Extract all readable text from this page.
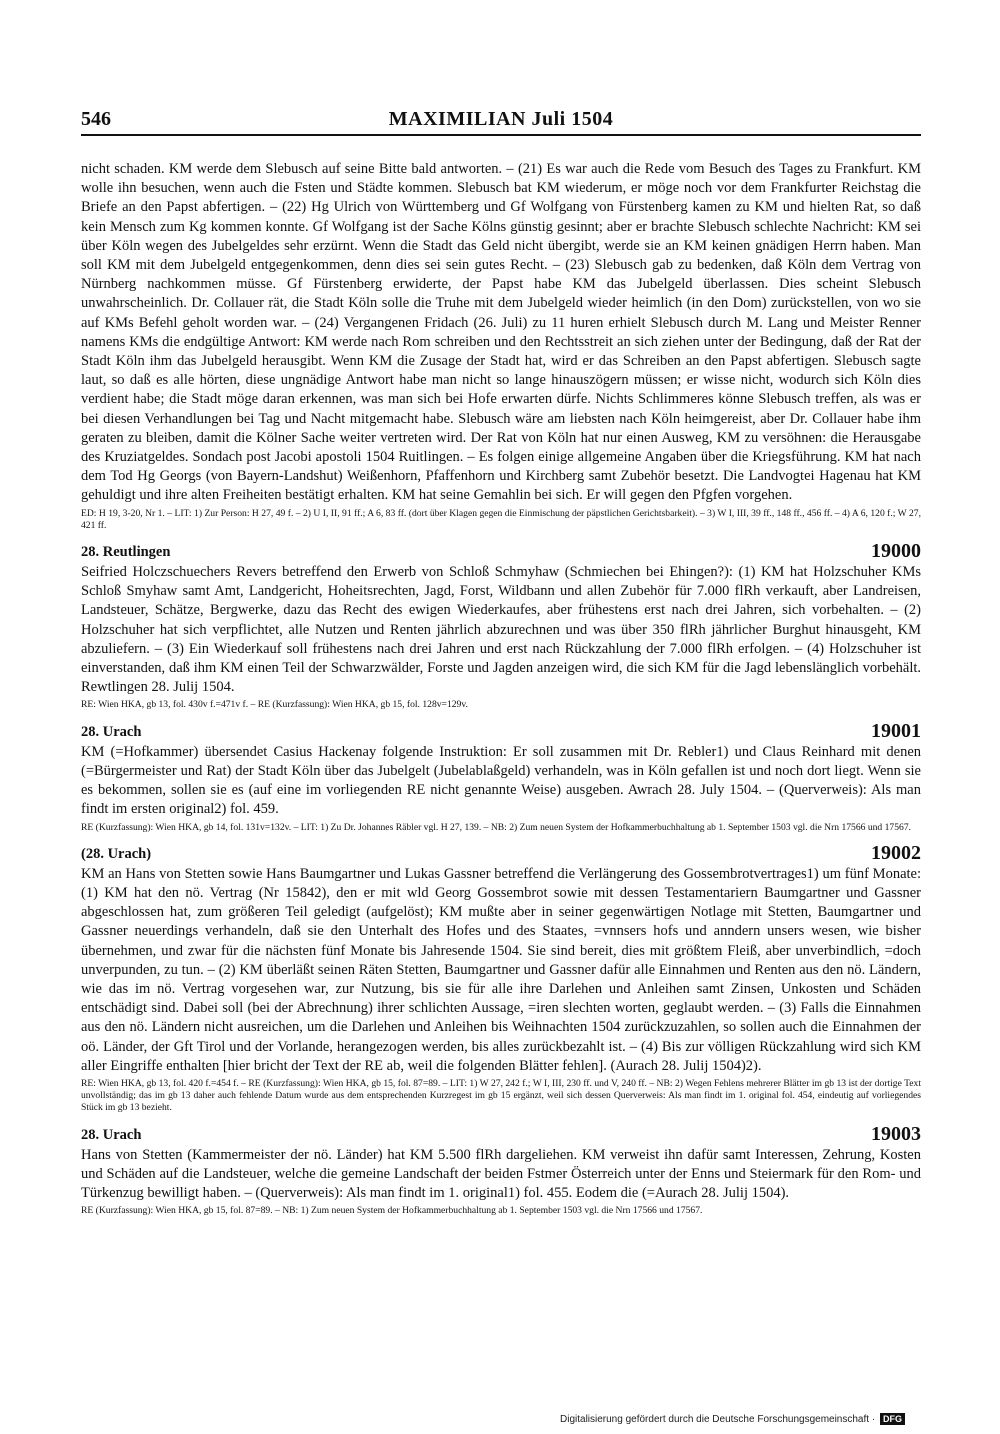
546	MAXIMILIAN Juli 1504

nicht schaden. KM werde dem Slebusch auf seine Bitte bald antworten. – (21) Es war auch die Rede vom Besuch des Tages zu Frankfurt. KM wolle ihn besuchen, wenn auch die Fsten und Städte kommen. Slebusch bat KM wiederum, er möge noch vor dem Frankfurter Reichstag die Briefe an den Papst abfertigen. – (22) Hg Ulrich von Württemberg und Gf Wolfgang von Fürstenberg kamen zu KM und hielten Rat, so daß kein Mensch zum Kg kommen konnte. Gf Wolfgang ist der Sache Kölns günstig gesinnt; aber er brachte Slebusch schlechte Nachricht: KM sei über Köln wegen des Jubelgeldes sehr erzürnt. Wenn die Stadt das Geld nicht übergibt, werde sie an KM keinen gnädigen Herrn haben. Man soll KM mit dem Jubelgeld entgegenkommen, denn dies sei sein gutes Recht. – (23) Slebusch gab zu bedenken, daß Köln dem Vertrag von Nürnberg nachkommen müsse. Gf Fürstenberg erwiderte, der Papst habe KM das Jubelgeld überlassen. Dies scheint Slebusch unwahrscheinlich. Dr. Collauer rät, die Stadt Köln solle die Truhe mit dem Jubelgeld wieder heimlich (in den Dom) zurückstellen, von wo sie auf KMs Befehl geholt worden war. – (24) Vergangenen Fridach (26. Juli) zu 11 huren erhielt Slebusch durch M. Lang und Meister Renner namens KMs die endgültige Antwort: KM werde nach Rom schreiben und den Rechtsstreit an sich ziehen unter der Bedingung, daß der Rat der Stadt Köln ihm das Jubelgeld herausgibt. Wenn KM die Zusage der Stadt hat, wird er das Schreiben an den Papst abfertigen. Slebusch sagte laut, so daß es alle hörten, diese ungnädige Antwort habe man nicht so lange hinauszögern müssen; er wisse nicht, wodurch sich Köln dies verdient habe; die Stadt möge daran erkennen, was man sich bei Hofe erwarten dürfe. Nichts Schlimmeres könne Slebusch treffen, als was er bei diesen Verhandlungen bei Tag und Nacht mitgemacht habe. Slebusch wäre am liebsten nach Köln heimgereist, aber Dr. Collauer habe ihm geraten zu bleiben, damit die Kölner Sache weiter vertreten wird. Der Rat von Köln hat nur einen Ausweg, KM zu versöhnen: die Herausgabe des Kruziatgeldes. Sondach post Jacobi apostoli 1504 Ruitlingen. – Es folgen einige allgemeine Angaben über die Kriegsführung. KM hat nach dem Tod Hg Georgs (von Bayern-Landshut) Weißenhorn, Pfaffenhorn und Kirchberg samt Zubehör besetzt. Die Landvogtei Hagenau hat KM gehuldigt und ihre alten Freiheiten bestätigt erhalten. KM hat seine Gemahlin bei sich. Er will gegen den Pfgfen vorgehen.

ED: H 19, 3-20, Nr 1. – LIT: 1) Zur Person: H 27, 49 f. – 2) U I, II, 91 ff.; A 6, 83 ff. (dort über Klagen gegen die Einmischung der päpstlichen Gerichtsbarkeit). – 3) W I, III, 39 ff., 148 ff., 456 ff. – 4) A 6, 120 f.; W 27, 421 ff.

28. Reutlingen	19000

Seifried Holczschuechers Revers betreffend den Erwerb von Schloß Schmyhaw (Schmiechen bei Ehingen?): (1) KM hat Holzschuher KMs Schloß Smyhaw samt Amt, Landgericht, Hoheitsrechten, Jagd, Forst, Wildbann und allen Zubehör für 7.000 flRh verkauft, aber Landreisen, Landsteuer, Schätze, Bergwerke, dazu das Recht des ewigen Wiederkaufes, aber frühestens erst nach drei Jahren, sich vorbehalten. – (2) Holzschuher hat sich verpflichtet, alle Nutzen und Renten jährlich abzurechnen und was über 350 flRh jährlicher Burghut hinausgeht, KM abzuliefern. – (3) Ein Wiederkauf soll frühestens nach drei Jahren und erst nach Rückzahlung der 7.000 flRh erfolgen. – (4) Holzschuher ist einverstanden, daß ihm KM einen Teil der Schwarzwälder, Forste und Jagden anzeigen wird, die sich KM für die Jagd lebenslänglich vorbehält. Rewtlingen 28. Julij 1504.

RE: Wien HKA, gb 13, fol. 430v f.=471v f. – RE (Kurzfassung): Wien HKA, gb 15, fol. 128v=129v.

28. Urach	19001

KM (=Hofkammer) übersendet Casius Hackenay folgende Instruktion: Er soll zusammen mit Dr. Rebler1) und Claus Reinhard mit denen (=Bürgermeister und Rat) der Stadt Köln über das Jubelgelt (Jubelablaßgeld) verhandeln, was in Köln gefallen ist und noch dort liegt. Wenn sie es bekommen, sollen sie es (auf eine im vorliegenden RE nicht genannte Weise) ausgeben. Awrach 28. July 1504. – (Querverweis): Als man findt im ersten original2) fol. 459.

RE (Kurzfassung): Wien HKA, gb 14, fol. 131v=132v. – LIT: 1) Zu Dr. Johannes Räbler vgl. H 27, 139. – NB: 2) Zum neuen System der Hofkammerbuchhaltung ab 1. September 1503 vgl. die Nrn 17566 und 17567.

(28. Urach)	19002

KM an Hans von Stetten sowie Hans Baumgartner und Lukas Gassner betreffend die Verlängerung des Gossembrotvertrages1) um fünf Monate: (1) KM hat den nö. Vertrag (Nr 15842), den er mit wld Georg Gossembrot sowie mit dessen Testamentariern Baumgartner und Gassner abgeschlossen hat, zum größeren Teil geledigt (aufgelöst); KM mußte aber in seiner gegenwärtigen Notlage mit Stetten, Baumgartner und Gassner neuerdings verhandeln, daß sie den Unterhalt des Hofes und des Staates, =vnnsers hofs und anndern unsers wesen, wie bisher übernehmen, und zwar für die nächsten fünf Monate bis Jahresende 1504. Sie sind bereit, dies mit größtem Fleiß, aber unverbindlich, =doch unverpunden, zu tun. – (2) KM überläßt seinen Räten Stetten, Baumgartner und Gassner dafür alle Einnahmen und Renten aus den nö. Ländern, wie das im nö. Vertrag vorgesehen war, zur Nutzung, bis sie für alle ihre Darlehen und Anleihen samt Zinsen, Unkosten und Schäden entschädigt sind. Dabei soll (bei der Abrechnung) ihrer schlichten Aussage, =iren slechten worten, geglaubt werden. – (3) Falls die Einnahmen aus den nö. Ländern nicht ausreichen, um die Darlehen und Anleihen bis Weihnachten 1504 zurückzuzahlen, so sollen auch die Einnahmen der oö. Länder, der Gft Tirol und der Vorlande, herangezogen werden, bis alles zurückbezahlt ist. – (4) Bis zur völligen Rückzahlung wird sich KM aller Eingriffe enthalten [hier bricht der Text der RE ab, weil die folgenden Blätter fehlen]. (Aurach 28. Julij 1504)2).

RE: Wien HKA, gb 13, fol. 420 f.=454 f. – RE (Kurzfassung): Wien HKA, gb 15, fol. 87=89. – LIT: 1) W 27, 242 f.; W I, III, 230 ff. und V, 240 ff. – NB: 2) Wegen Fehlens mehrerer Blätter im gb 13 ist der dortige Text unvollständig; das im gb 13 daher auch fehlende Datum wurde aus dem entsprechenden Kurzregest im gb 15 ergänzt, weil sich dessen Querverweis: Als man findt im 1. original fol. 454, eindeutig auf vorliegendes Stück im gb 13 bezieht.

28. Urach	19003

Hans von Stetten (Kammermeister der nö. Länder) hat KM 5.500 flRh dargeliehen. KM verweist ihn dafür samt Interessen, Zehrung, Kosten und Schäden auf die Landsteuer, welche die gemeine Landschaft der beiden Fstmer Österreich unter der Enns und Steiermark für den Rom- und Türkenzug bewilligt haben. – (Querverweis): Als man findt im 1. original1) fol. 455. Eodem die (=Aurach 28. Julij 1504).

RE (Kurzfassung): Wien HKA, gb 15, fol. 87=89. – NB: 1) Zum neuen System der Hofkammerbuchhaltung ab 1. September 1503 vgl. die Nrn 17566 und 17567.

Digitalisierung gefördert durch die Deutsche Forschungsgemeinschaft · DFG
